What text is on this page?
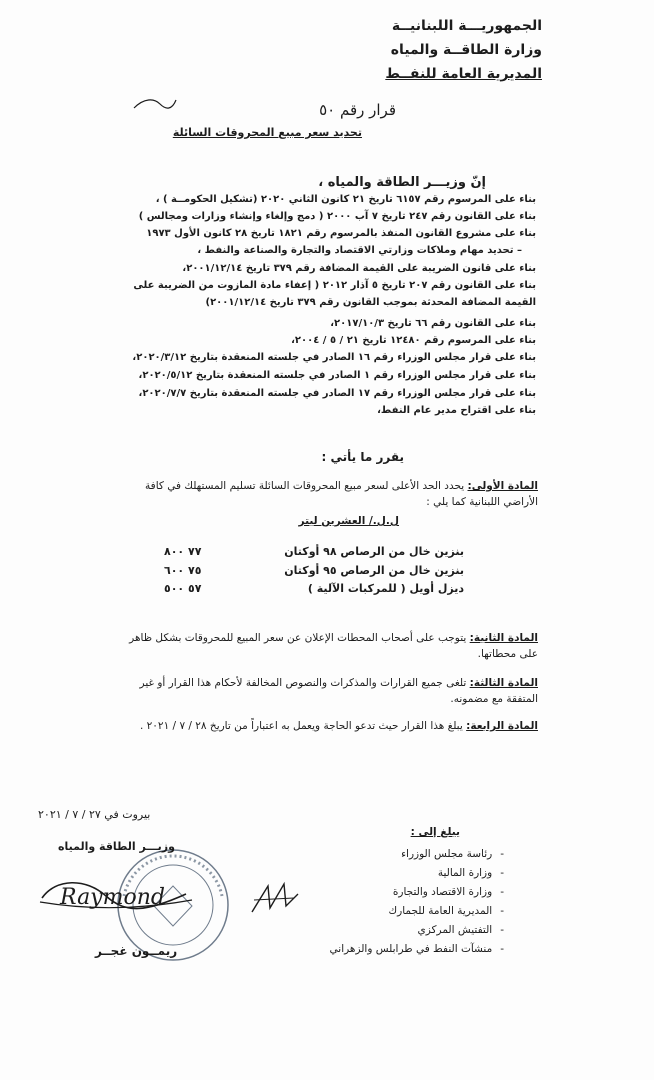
الجمهوريـــة اللبنانيــة
وزارة الطاقــة والمياه
المديرية العامة للنفــط
قرار رقم ٥٠
تحديد سعر مبيع المحروقات السائلة
إنّ وزيـــر الطاقة والمياه ،
بناء على المرسوم رقم ٦١٥٧ تاريخ ٢١ كانون الثاني ٢٠٢٠ (تشكيل الحكومــة ) ،
بناء على القانون رقم ٢٤٧ تاريخ ٧ آب ٢٠٠٠ ( دمج وإلغاء وإنشاء وزارات ومجالس )
بناء على مشروع القانون المنفذ بالمرسوم رقم ١٨٢١ تاريخ ٢٨ كانون الأول ١٩٧٣
– تحديد مهام وملاكات وزارتي الاقتصاد والتجارة والصناعة والنفط ،
بناء على قانون الضريبة على القيمة المضافة رقم ٣٧٩ تاريخ ٢٠٠١/١٢/١٤،
بناء على القانون رقم ٢٠٧ تاريخ ٥ آذار ٢٠١٢ ( إعفاء مادة المازوت من الضريبة على
القيمة المضافة المحدثة بموجب القانون رقم ٣٧٩ تاريخ ٢٠٠١/١٢/١٤)
بناء على القانون رقم ٦٦ تاريخ ٢٠١٧/١٠/٣،
بناء على المرسوم رقم ١٢٤٨٠ تاريخ ٢١ / ٥ / ٢٠٠٤،
بناء على قرار مجلس الوزراء رقم ١٦ الصادر في جلسته المنعقدة بتاريخ ٢٠٢٠/٣/١٢،
بناء على قرار مجلس الوزراء رقم ١ الصادر في جلسته المنعقدة بتاريخ ٢٠٢٠/٥/١٢،
بناء على قرار مجلس الوزراء رقم ١٧ الصادر في جلسته المنعقدة بتاريخ ٢٠٢٠/٧/٧،
بناء على اقتراح مدير عام النفط،
يقرر ما يأتي :
المادة الأولى: يحدد الحد الأعلى لسعر مبيع المحروقات السائلة تسليم المستهلك في كافة الأراضي اللبنانية كما يلي :
ل.ل./ العشرين ليتر
بنزين خال من الرصاص ٩٨ أوكتان
٧٧ ٨٠٠
بنزين خال من الرصاص ٩٥ أوكتان
٧٥ ٦٠٠
ديزل أويل ( للمركبات الآلية )
٥٧ ٥٠٠
المادة الثانية: يتوجب على أصحاب المحطات الإعلان عن سعر المبيع للمحروقات بشكل ظاهر على محطاتها.
المادة الثالثة: تلغى جميع القرارات والمذكرات والنصوص المخالفة لأحكام هذا القرار أو غير المتفقة مع مضمونه.
المادة الرابعة: يبلغ هذا القرار حيث تدعو الحاجة ويعمل به اعتباراً من تاريخ ٢٨ / ٧ / ٢٠٢١ .
بيروت في ٢٧ / ٧ / ٢٠٢١
يبلغ إلى :
-رئاسة مجلس الوزراء
-وزارة المالية
-وزارة الاقتصاد والتجارة
-المديرية العامة للجمارك
-التفتيش المركزي
-منشآت النفط في طرابلس والزهراني
وزيـــر الطاقة والمياه
Raymond
ريمــون غجــر
